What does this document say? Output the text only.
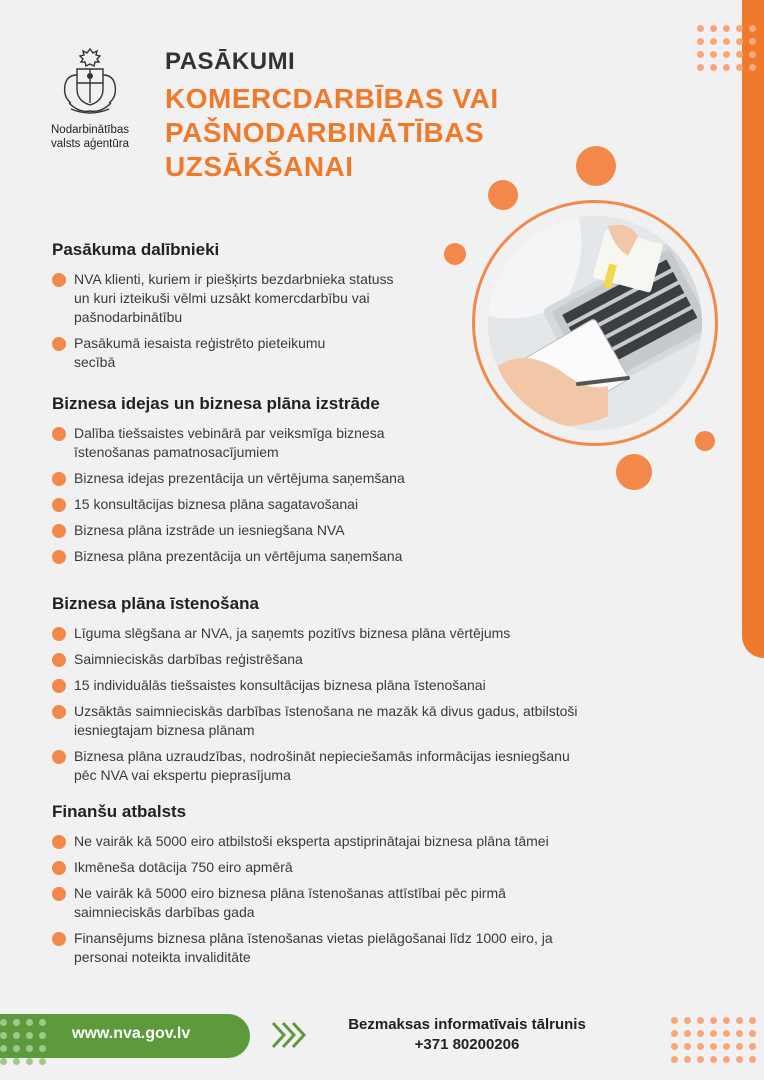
Nodarbinātības
valsts aģentūra
PASĀKUMI
KOMERCDARBĪBAS VAI
PAŠNODARBINĀTĪBAS
UZSĀKŠANAI
Pasākuma dalībnieki
NVA klienti, kuriem ir piešķirts bezdarbnieka statuss
un kuri izteikuši vēlmi uzsākt komercdarbību vai
pašnodarbinātību
Pasākumā iesaista reģistrēto pieteikumu
secībā
Biznesa idejas un biznesa plāna izstrāde
Dalība tiešsaistes vebinārā par veiksmīga biznesa
īstenošanas pamatnosacījumiem
Biznesa idejas prezentācija un vērtējuma saņemšana
15 konsultācijas biznesa plāna sagatavošanai
Biznesa plāna izstrāde un iesniegšana NVA
Biznesa plāna prezentācija un vērtējuma saņemšana
Biznesa plāna īstenošana
Līguma slēgšana ar NVA, ja saņemts pozitīvs biznesa plāna vērtējums
Saimnieciskās darbības reģistrēšana
15 individuālās tiešsaistes konsultācijas biznesa plāna īstenošanai
Uzsāktās saimnieciskās darbības īstenošana ne mazāk kā divus gadus, atbilstoši
iesniegtajam biznesa plānam
Biznesa plāna uzraudzības, nodrošināt nepieciešamās informācijas iesniegšanu
pēc NVA vai ekspertu pieprasījuma
Finanšu atbalsts
Ne vairāk kā 5000 eiro atbilstoši eksperta apstiprinātajai biznesa plāna tāmei
Ikmēneša dotācija 750 eiro apmērā
Ne vairāk kā 5000 eiro biznesa plāna īstenošanas attīstībai pēc pirmā
saimnieciskās darbības gada
Finansējums biznesa plāna īstenošanas vietas pielāgošanai līdz 1000 eiro, ja
personai noteikta invaliditāte
www.nva.gov.lv
Bezmaksas informatīvais tālrunis
+371 80200206
